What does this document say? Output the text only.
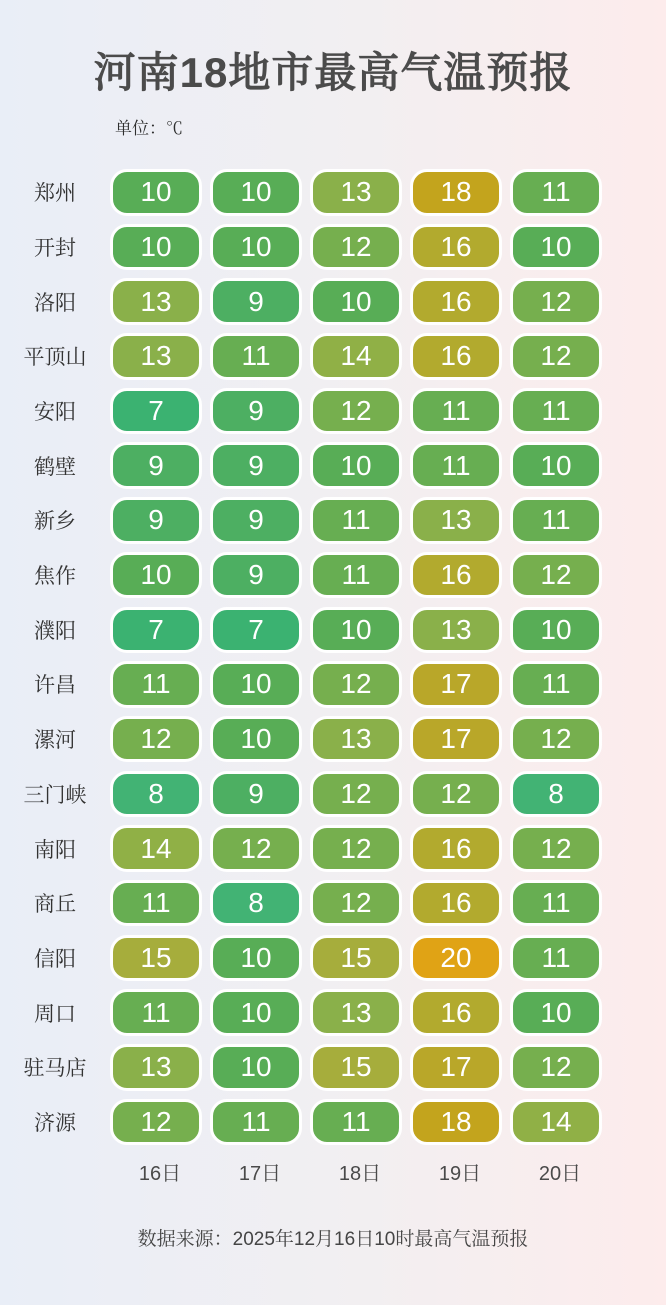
河南18地市最高气温预报
单位：℃
郑州	10	10	13	18	11
开封	10	10	12	16	10
洛阳	13	9	10	16	12
平顶山	13	11	14	16	12
安阳	7	9	12	11	11
鹤壁	9	9	10	11	10
新乡	9	9	11	13	11
焦作	10	9	11	16	12
濮阳	7	7	10	13	10
许昌	11	10	12	17	11
漯河	12	10	13	17	12
三门峡	8	9	12	12	8
南阳	14	12	12	16	12
商丘	11	8	12	16	11
信阳	15	10	15	20	11
周口	11	10	13	16	10
驻马店	13	10	15	17	12
济源	12	11	11	18	14
16日	17日	18日	19日	20日
数据来源：2025年12月16日10时最高气温预报
